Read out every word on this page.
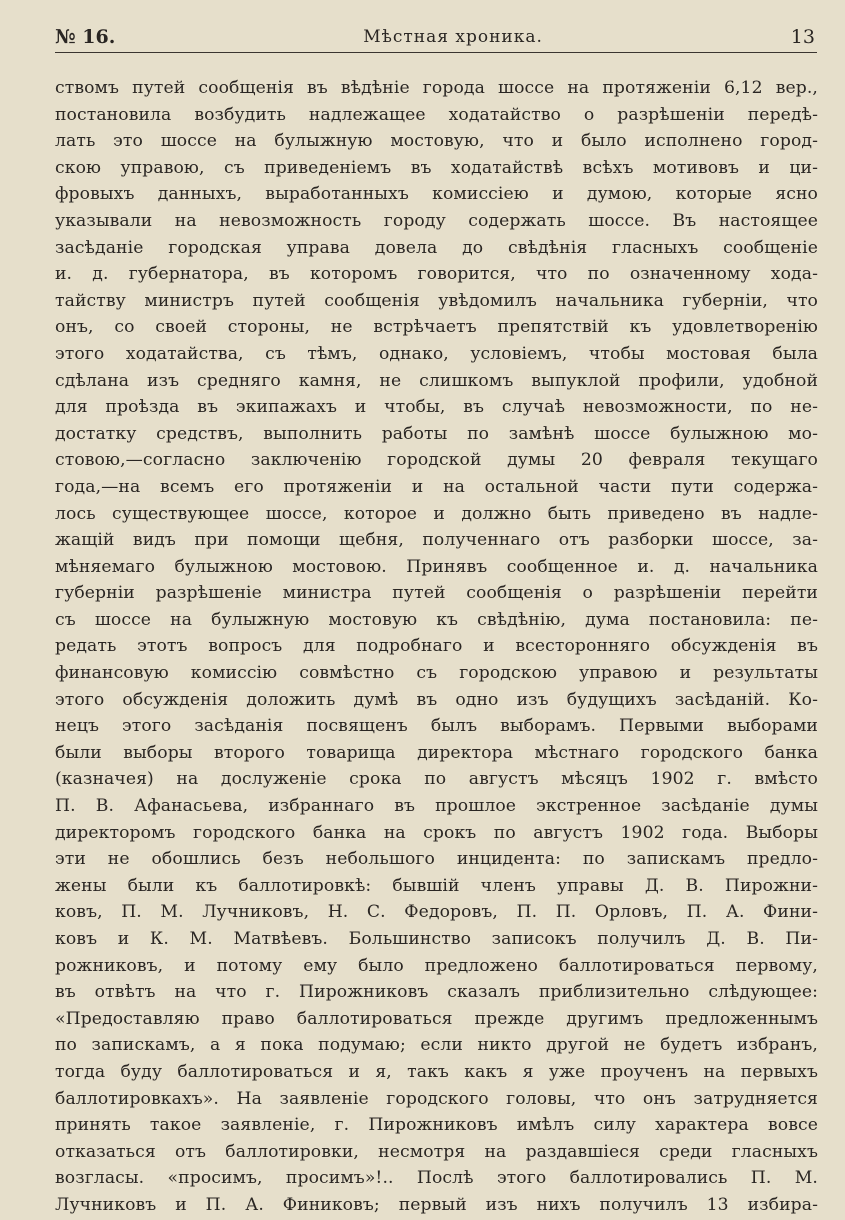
№ 16.	Мѣстная хроника.	13
ствомъ путей сообщенія въ вѣдѣніе города шоссе на протяженіи 6,12 вер.,
постановила возбудить надлежащее ходатайство о разрѣшеніи передѣ-
лать это шоссе на булыжную мостовую, что и было исполнено город-
скою управою, съ приведеніемъ въ ходатайствѣ всѣхъ мотивовъ и ци-
фровыхъ данныхъ, выработанныхъ комиссіею и думою, которые ясно
указывали на невозможность городу содержать шоссе. Въ настоящее
засѣданіе городская управа довела до свѣдѣнія гласныхъ сообщеніе
и. д. губернатора, въ которомъ говорится, что по означенному хода-
тайству министръ путей сообщенія увѣдомилъ начальника губерніи, что
онъ, со своей стороны, не встрѣчаетъ препятствій къ удовлетворенію
этого ходатайства, съ тѣмъ, однако, условіемъ, чтобы мостовая была
сдѣлана изъ средняго камня, не слишкомъ выпуклой профили, удобной
для проѣзда въ экипажахъ и чтобы, въ случаѣ невозможности, по не-
достатку средствъ, выполнить работы по замѣнѣ шоссе булыжною мо-
стовою,—согласно заключенію городской думы 20 февраля текущаго
года,—на всемъ его протяженіи и на остальной части пути содержа-
лось существующее шоссе, которое и должно быть приведено въ надле-
жащій видъ при помощи щебня, полученнаго отъ разборки шоссе, за-
мѣняемаго булыжною мостовою. Принявъ сообщенное и. д. начальника
губерніи разрѣшеніе министра путей сообщенія о разрѣшеніи перейти
съ шоссе на булыжную мостовую къ свѣдѣнію, дума постановила: пе-
редать этотъ вопросъ для подробнаго и всесторонняго обсужденія въ
финансовую комиссію совмѣстно съ городскою управою и результаты
этого обсужденія доложить думѣ въ одно изъ будущихъ засѣданій. Ко-
нецъ этого засѣданія посвященъ былъ выборамъ. Первыми выборами
были выборы второго товарища директора мѣстнаго городского банка
(казначея) на дослуженіе срока по августъ мѣсяцъ 1902 г. вмѣсто
П. В. Афанасьева, избраннаго въ прошлое экстренное засѣданіе думы
директоромъ городского банка на срокъ по августъ 1902 года. Выборы
эти не обошлись безъ небольшого инцидента: по запискамъ предло-
жены были къ баллотировкѣ: бывшій членъ управы Д. В. Пирожни-
ковъ, П. М. Лучниковъ, Н. С. Федоровъ, П. П. Орловъ, П. А. Фини-
ковъ и К. М. Матвѣевъ. Большинство записокъ получилъ Д. В. Пи-
рожниковъ, и потому ему было предложено баллотироваться первому,
въ отвѣтъ на что г. Пирожниковъ сказалъ приблизительно слѣдующее:
«Предоставляю право баллотироваться прежде другимъ предложеннымъ
по запискамъ, а я пока подумаю; если никто другой не будетъ избранъ,
тогда буду баллотироваться и я, такъ какъ я уже проученъ на первыхъ
баллотировкахъ». На заявленіе городского головы, что онъ затрудняется
принять такое заявленіе, г. Пирожниковъ имѣлъ силу характера вовсе
отказаться отъ баллотировки, несмотря на раздавшіеся среди гласныхъ
возгласы. «просимъ, просимъ»!.. Послѣ этого баллотировались П. М.
Лучниковъ и П. А. Финиковъ; первый изъ нихъ получилъ 13 избира-
